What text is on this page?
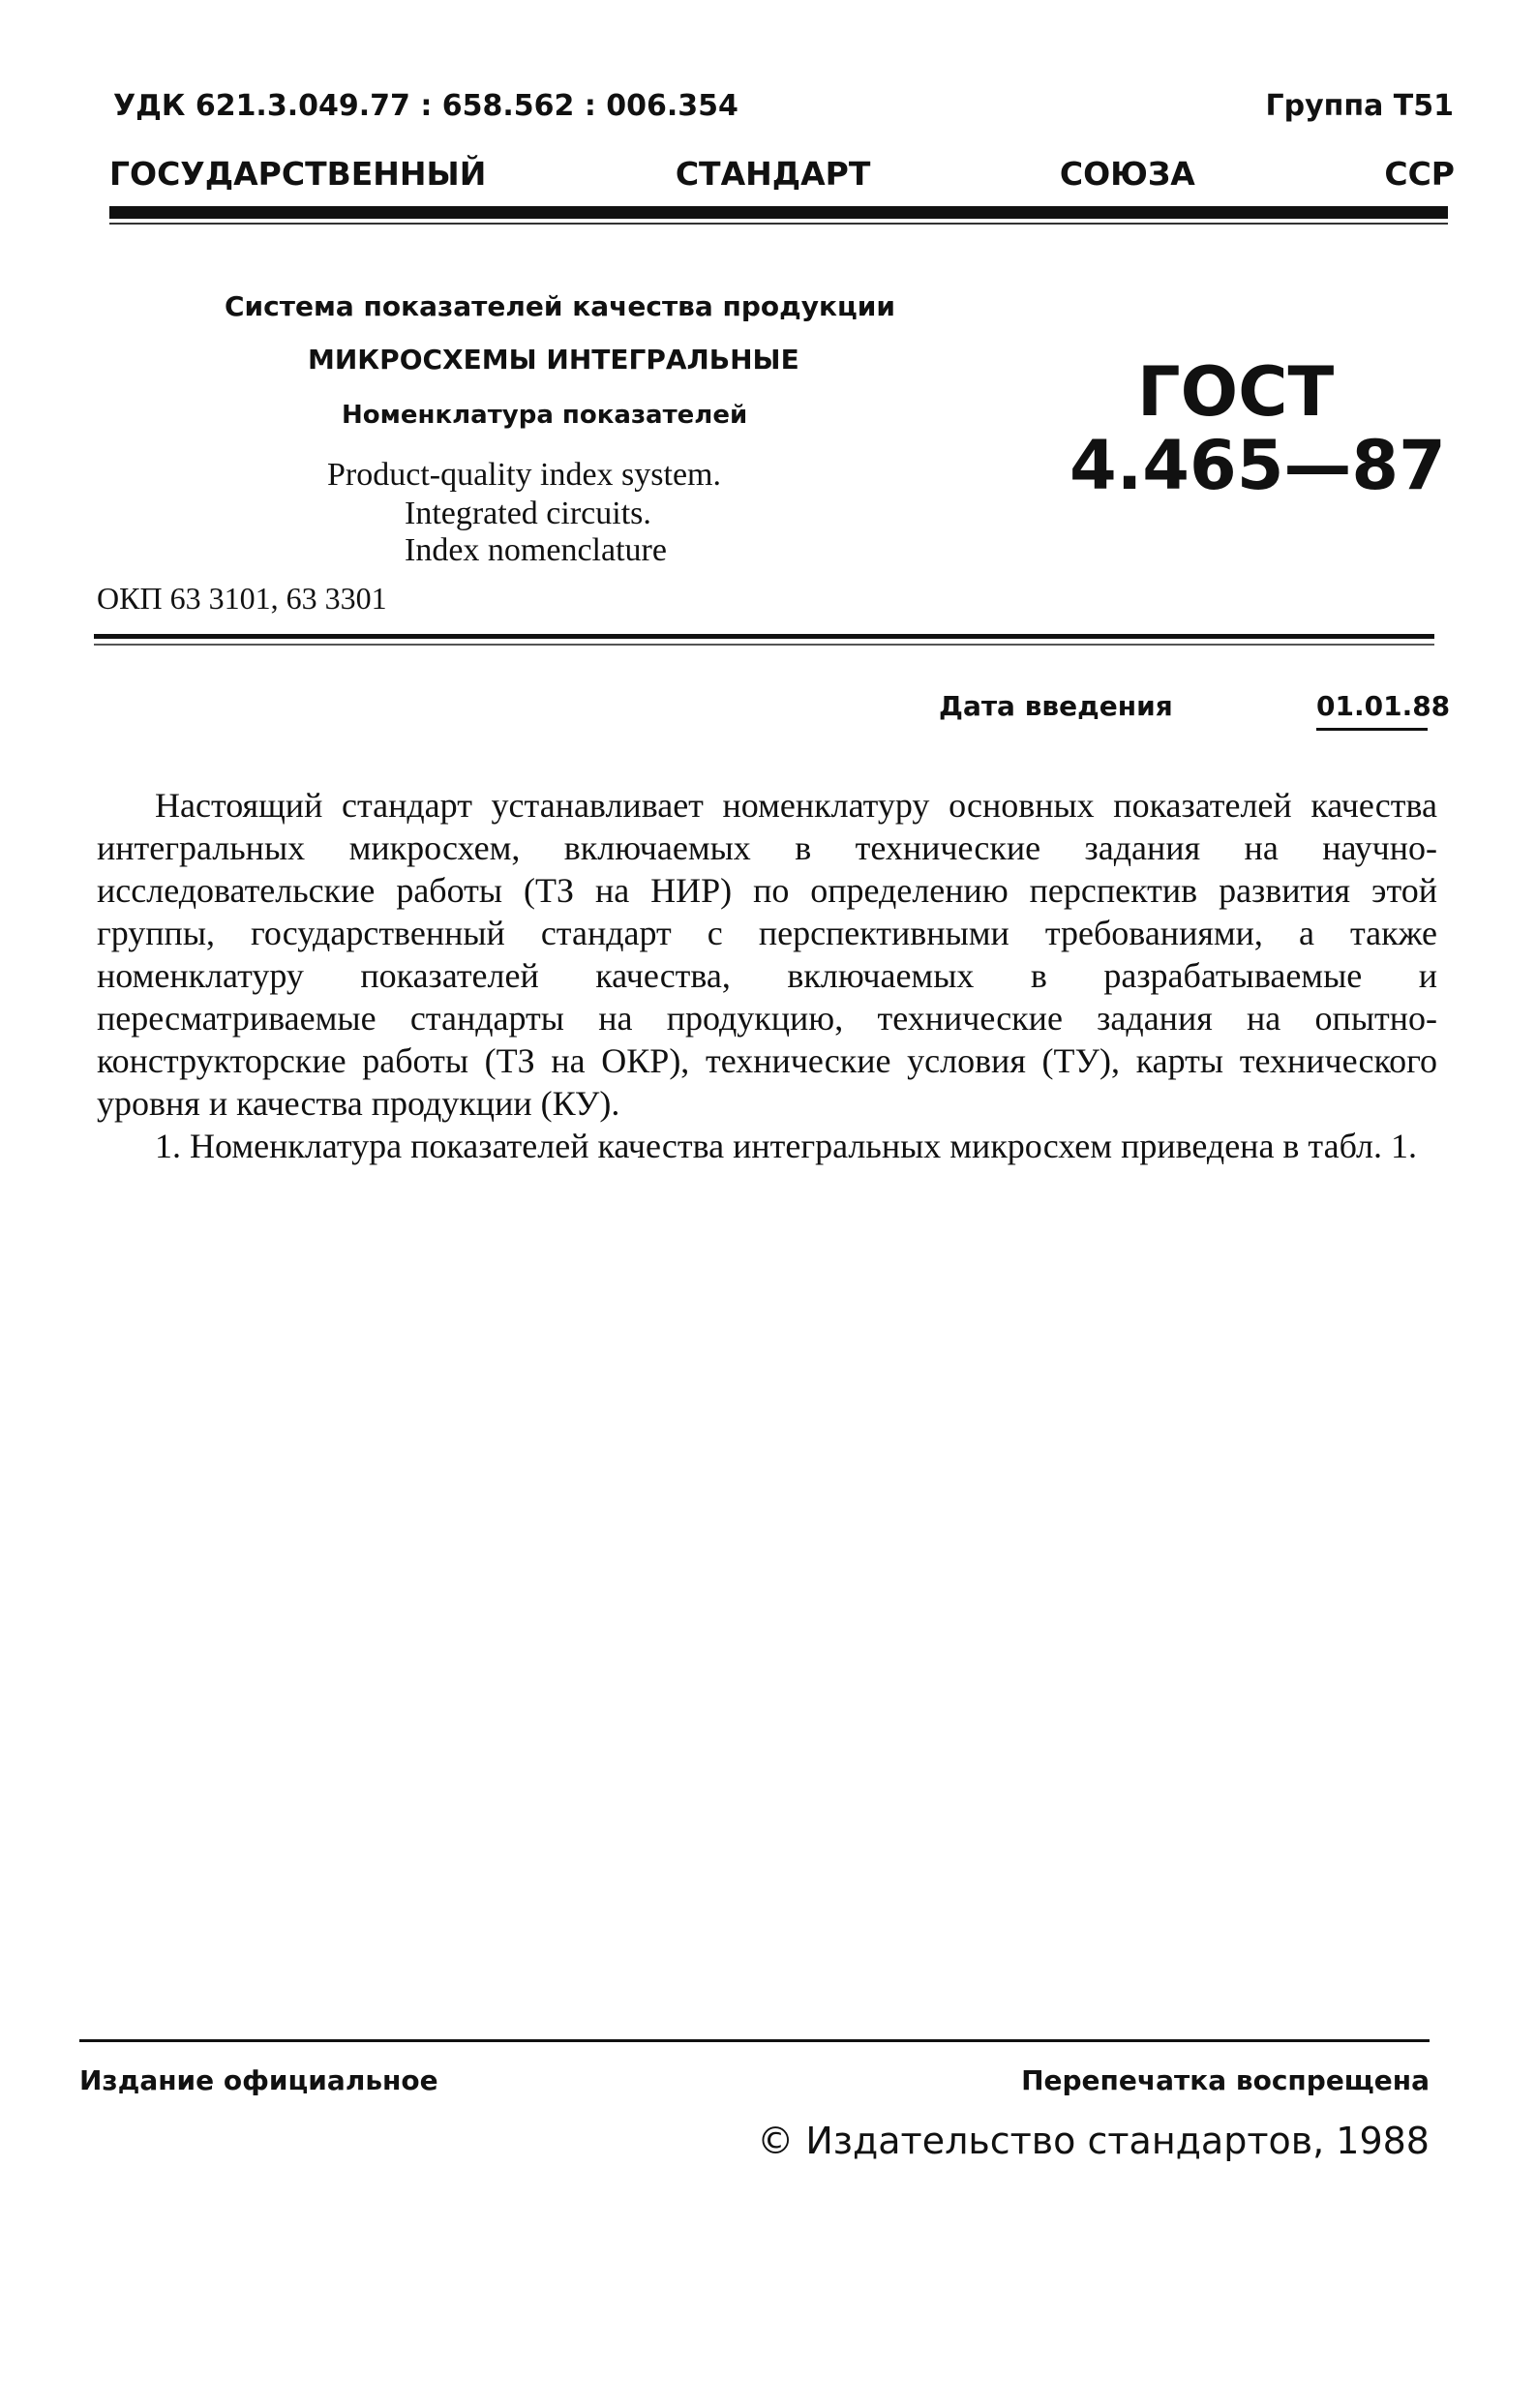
УДК 621.3.049.77 : 658.562 : 006.354	Группа Т51
ГОСУДАРСТВЕННЫЙ	СТАНДАРТ	СОЮЗА	ССР
Система показателей качества продукции
МИКРОСХЕМЫ ИНТЕГРАЛЬНЫЕ
Номенклатура показателей
Product-quality index system.
Integrated circuits.
Index nomenclature
ОКП 63 3101, 63 3301
ГОСТ
4.465—87
Дата введения	01.01.88

Настоящий стандарт устанавливает номенклатуру основных показателей качества интегральных микросхем, включаемых в технические задания на научно-исследовательские работы (ТЗ на НИР) по определению перспектив развития этой группы, государственный стандарт с перспективными требованиями, а также номенклатуру показателей качества, включаемых в разрабатываемые и пересматриваемые стандарты на продукцию, технические задания на опытно-конструкторские работы (ТЗ на ОКР), технические условия (ТУ), карты технического уровня и качества продукции (КУ).

1. Номенклатура показателей качества интегральных микросхем приведена в табл. 1.

Издание официальное	Перепечатка воспрещена
© Издательство стандартов, 1988
